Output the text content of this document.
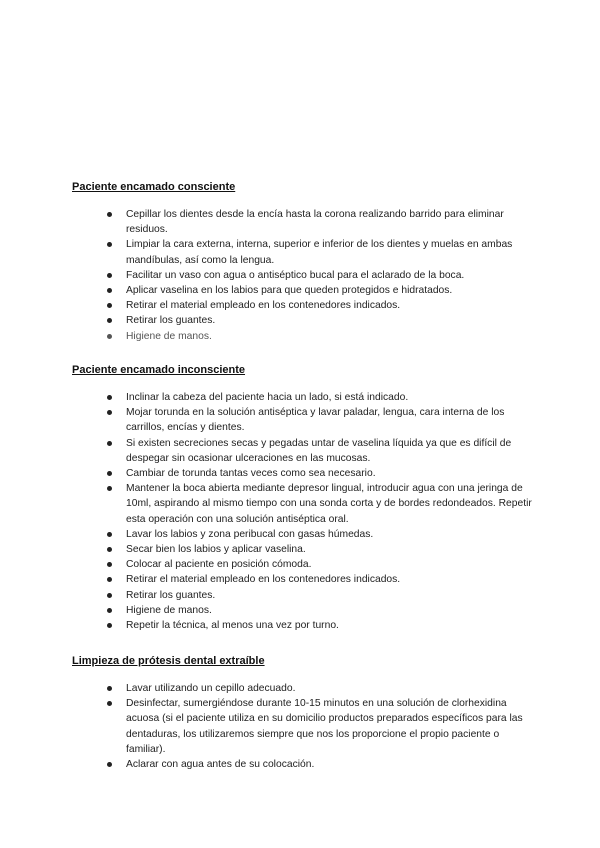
Paciente encamado consciente
Cepillar los dientes desde la encía hasta la corona realizando barrido para eliminar residuos.
Limpiar la cara externa, interna, superior e inferior de los dientes y muelas en ambas mandíbulas, así como la lengua.
Facilitar un vaso con agua o antiséptico bucal para el aclarado de la boca.
Aplicar vaselina en los labios para que queden protegidos e hidratados.
Retirar el material empleado en los contenedores indicados.
Retirar los guantes.
Higiene de manos.
Paciente encamado inconsciente
Inclinar la cabeza del paciente hacia un lado, si está indicado.
Mojar torunda en la solución antiséptica y lavar paladar, lengua, cara interna de los carrillos, encías y dientes.
Si existen secreciones secas y pegadas untar de vaselina líquida ya que es difícil de despegar sin ocasionar ulceraciones en las mucosas.
Cambiar de torunda tantas veces como sea necesario.
Mantener la boca abierta mediante depresor lingual, introducir agua con una jeringa de 10ml, aspirando al mismo tiempo con una sonda corta y de bordes redondeados. Repetir esta operación con una solución antiséptica oral.
Lavar los labios y zona peribucal con gasas húmedas.
Secar bien los labios y aplicar vaselina.
Colocar al paciente en posición cómoda.
Retirar el material empleado en los contenedores indicados.
Retirar los guantes.
Higiene de manos.
Repetir la técnica, al menos una vez por turno.
Limpieza de prótesis dental extraíble
Lavar utilizando un cepillo adecuado.
Desinfectar, sumergiéndose durante 10-15 minutos en una solución de clorhexidina acuosa (si el paciente utiliza en su domicilio productos preparados específicos para las dentaduras, los utilizaremos siempre que nos los proporcione el propio paciente o familiar).
Aclarar con agua antes de su colocación.
